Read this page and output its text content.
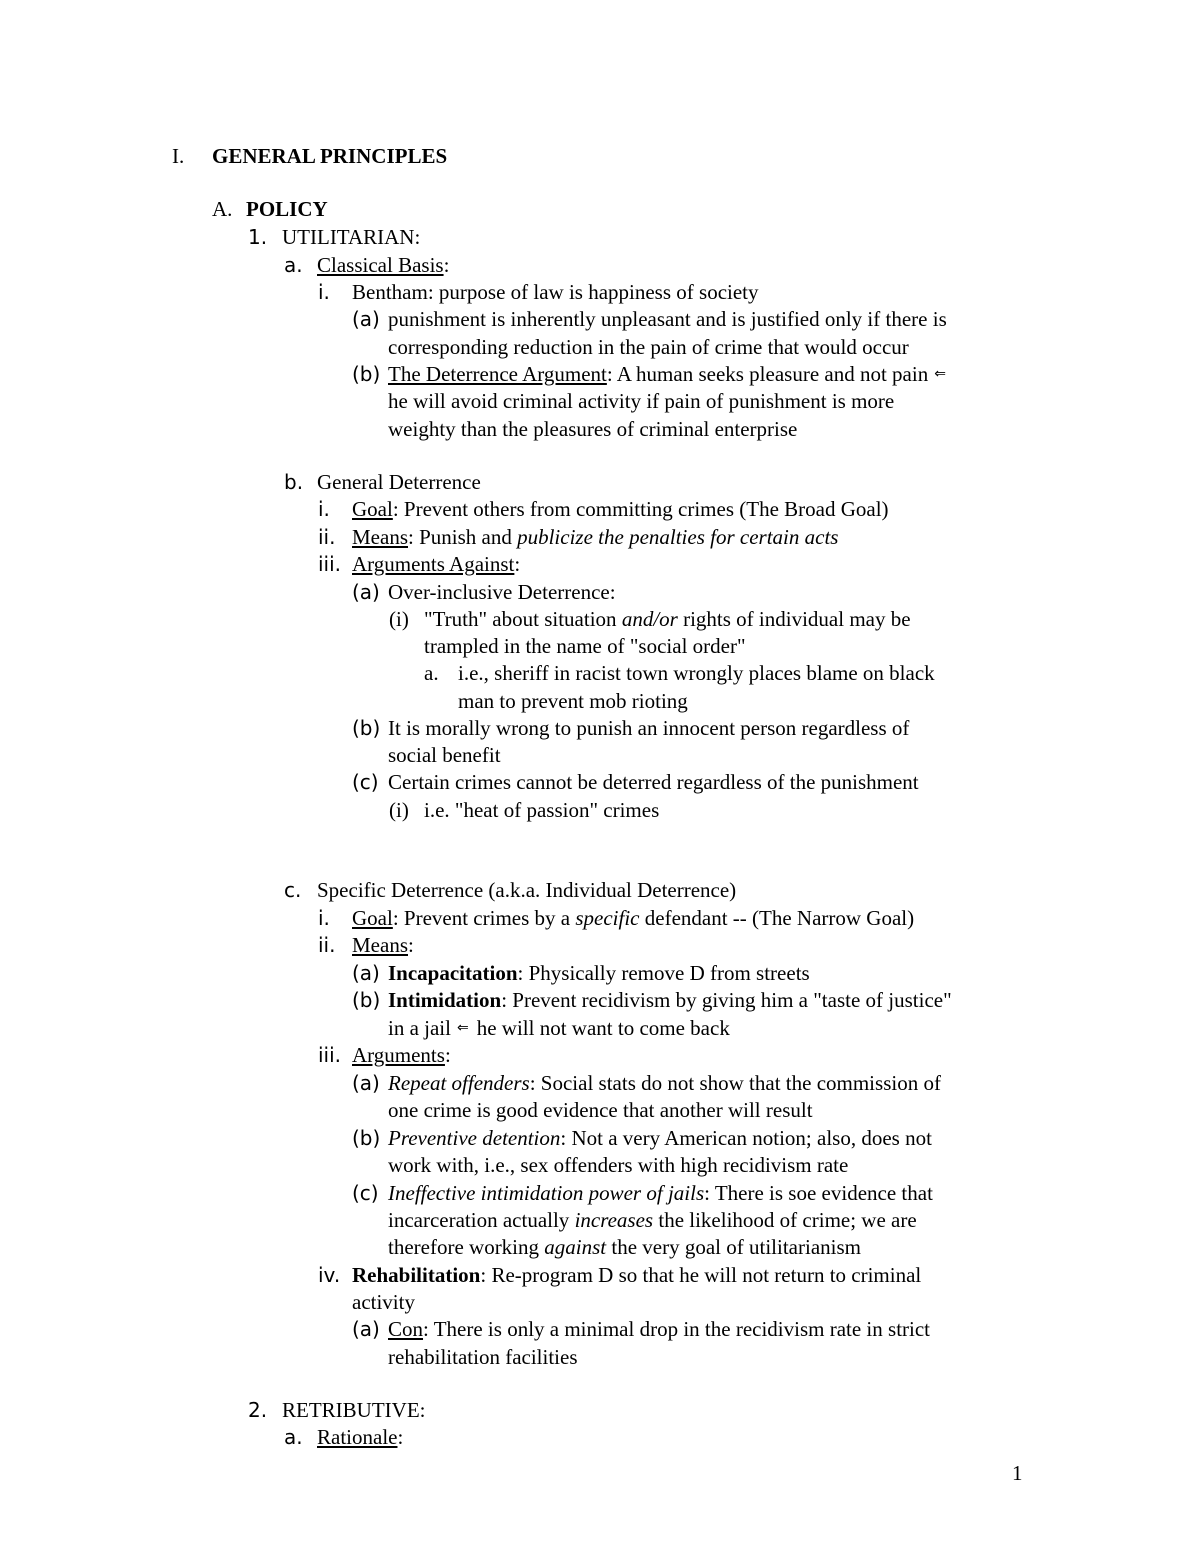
I. GENERAL PRINCIPLES
A. POLICY
1. UTILITARIAN:
a. Classical Basis:
i. Bentham: purpose of law is happiness of society
(a) punishment is inherently unpleasant and is justified only if there is
corresponding reduction in the pain of crime that would occur
(b) The Deterrence Argument: A human seeks pleasure and not pain ⇐
he will avoid criminal activity if pain of punishment is more
weighty than the pleasures of criminal enterprise
b. General Deterrence
i. Goal: Prevent others from committing crimes (The Broad Goal)
ii. Means: Punish and publicize the penalties for certain acts
iii. Arguments Against:
(a) Over-inclusive Deterrence:
(i) "Truth" about situation and/or rights of individual may be
trampled in the name of "social order"
a. i.e., sheriff in racist town wrongly places blame on black
man to prevent mob rioting
(b) It is morally wrong to punish an innocent person regardless of
social benefit
(c) Certain crimes cannot be deterred regardless of the punishment
(i) i.e. "heat of passion" crimes
c. Specific Deterrence (a.k.a. Individual Deterrence)
i. Goal: Prevent crimes by a specific defendant -- (The Narrow Goal)
ii. Means:
(a) Incapacitation: Physically remove D from streets
(b) Intimidation: Prevent recidivism by giving him a "taste of justice"
in a jail ⇐ he will not want to come back
iii. Arguments:
(a) Repeat offenders: Social stats do not show that the commission of
one crime is good evidence that another will result
(b) Preventive detention: Not a very American notion; also, does not
work with, i.e., sex offenders with high recidivism rate
(c) Ineffective intimidation power of jails: There is soe evidence that
incarceration actually increases the likelihood of crime; we are
therefore working against the very goal of utilitarianism
iv. Rehabilitation: Re-program D so that he will not return to criminal
activity
(a) Con: There is only a minimal drop in the recidivism rate in strict
rehabilitation facilities
2. RETRIBUTIVE:
a. Rationale:
1
